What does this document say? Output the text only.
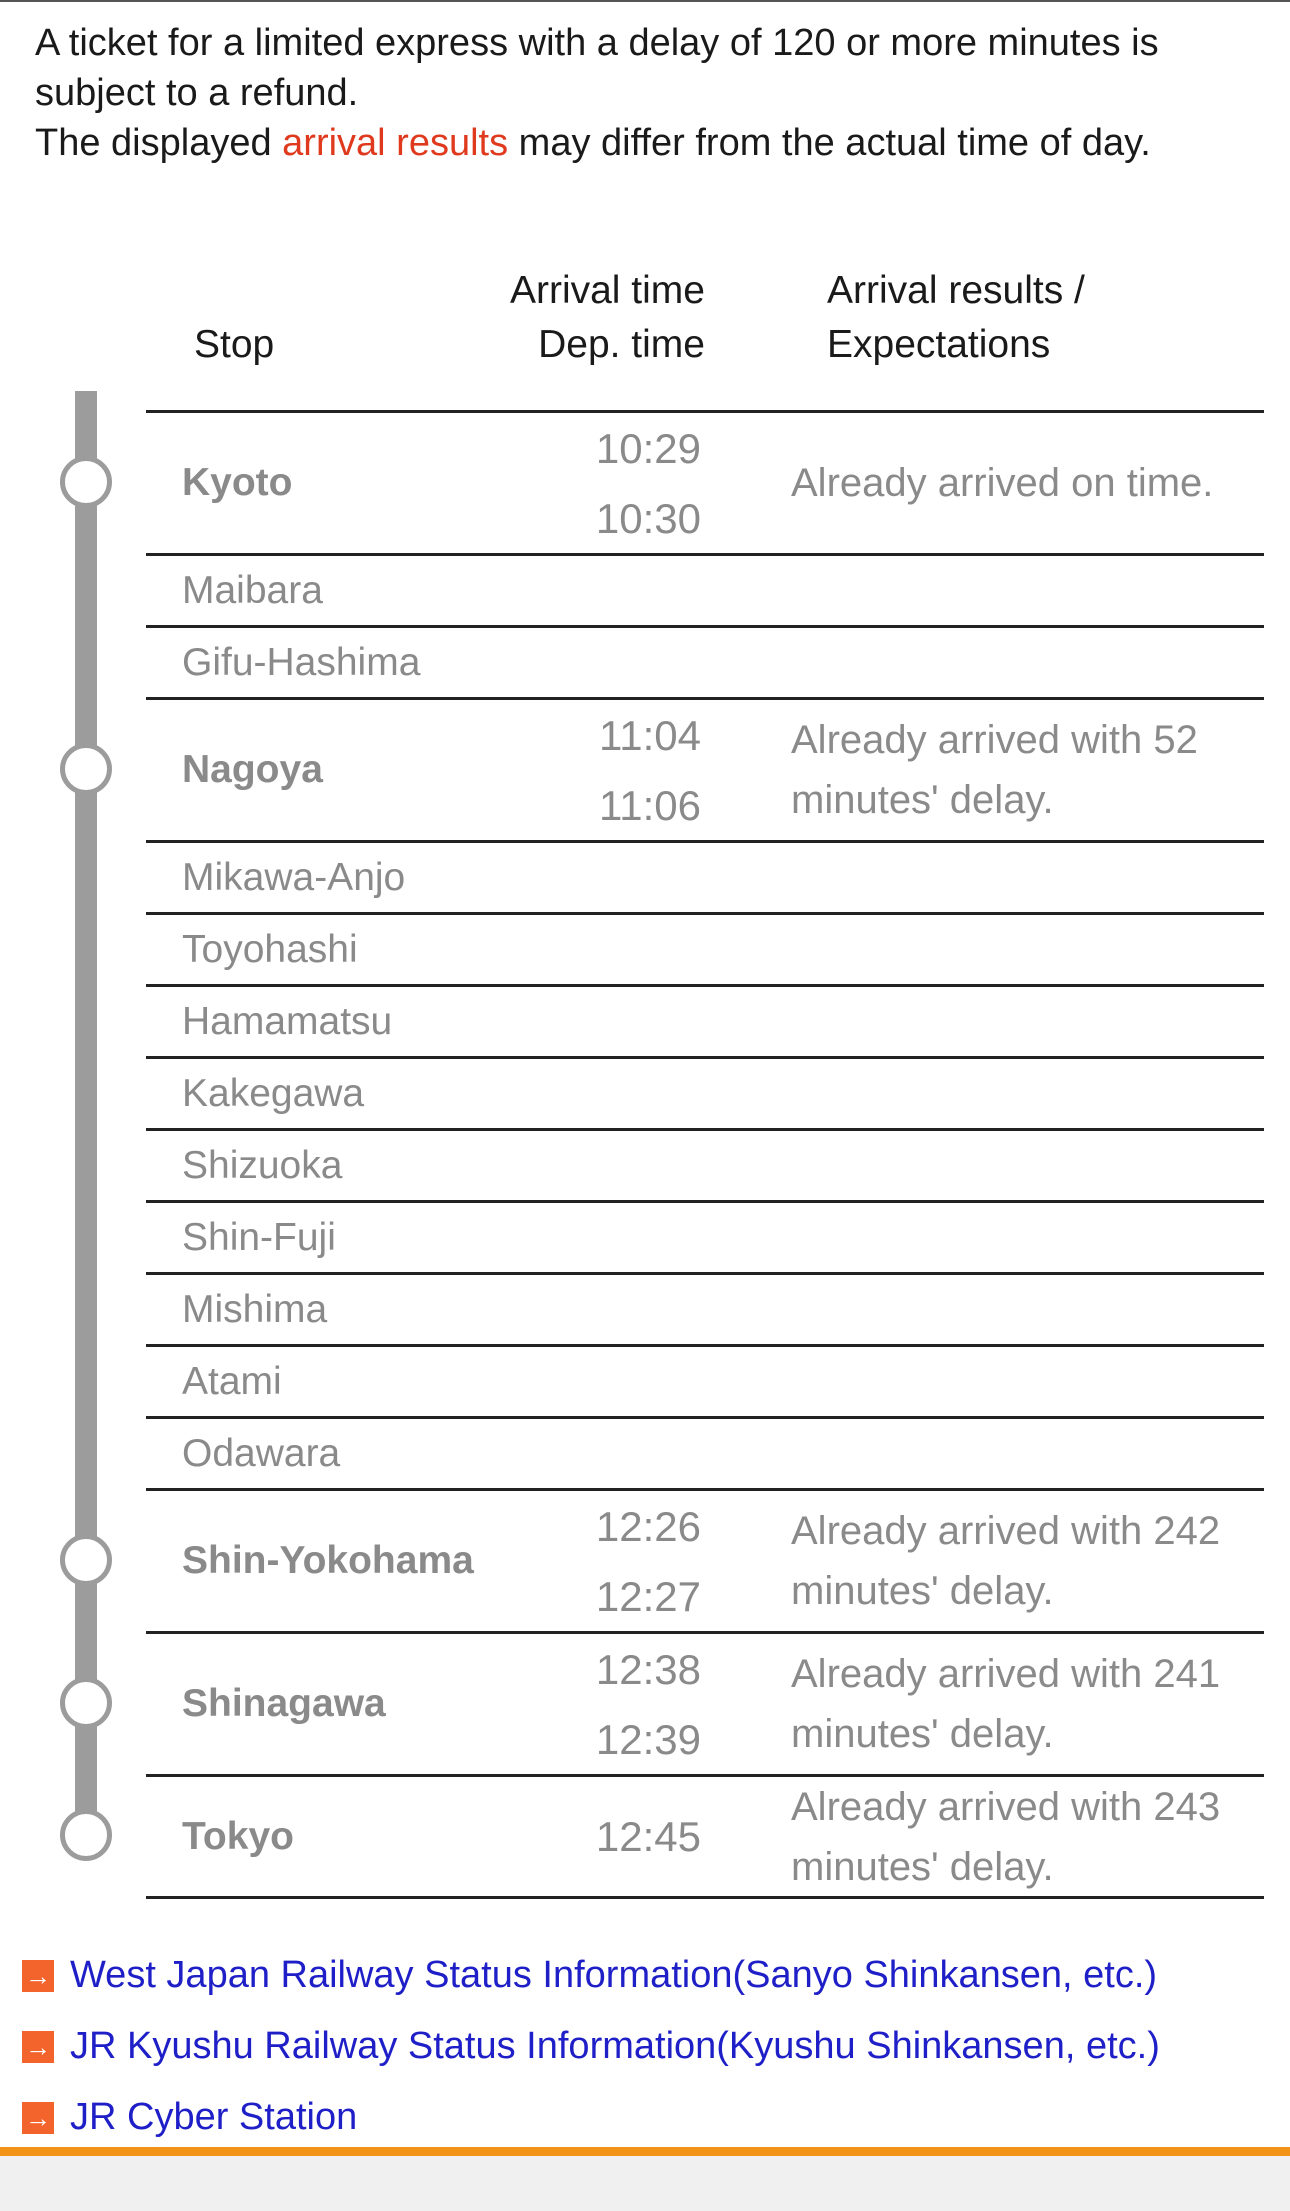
A ticket for a limited express with a delay of 120 or more minutes is subject to a refund.
The displayed arrival results may differ from the actual time of day.
Stop
Arrival time
Dep. time
Arrival results /
Expectations
Kyoto
10:29
10:30
Already arrived on time.
Maibara
Gifu-Hashima
Nagoya
11:04
11:06
Already arrived with 52 minutes' delay.
Mikawa-Anjo
Toyohashi
Hamamatsu
Kakegawa
Shizuoka
Shin-Fuji
Mishima
Atami
Odawara
Shin-Yokohama
12:26
12:27
Already arrived with 242 minutes' delay.
Shinagawa
12:38
12:39
Already arrived with 241 minutes' delay.
Tokyo	12:45
Already arrived with 243 minutes' delay.
→ West Japan Railway Status Information(Sanyo Shinkansen, etc.)
→ JR Kyushu Railway Status Information(Kyushu Shinkansen, etc.)
→ JR Cyber Station
